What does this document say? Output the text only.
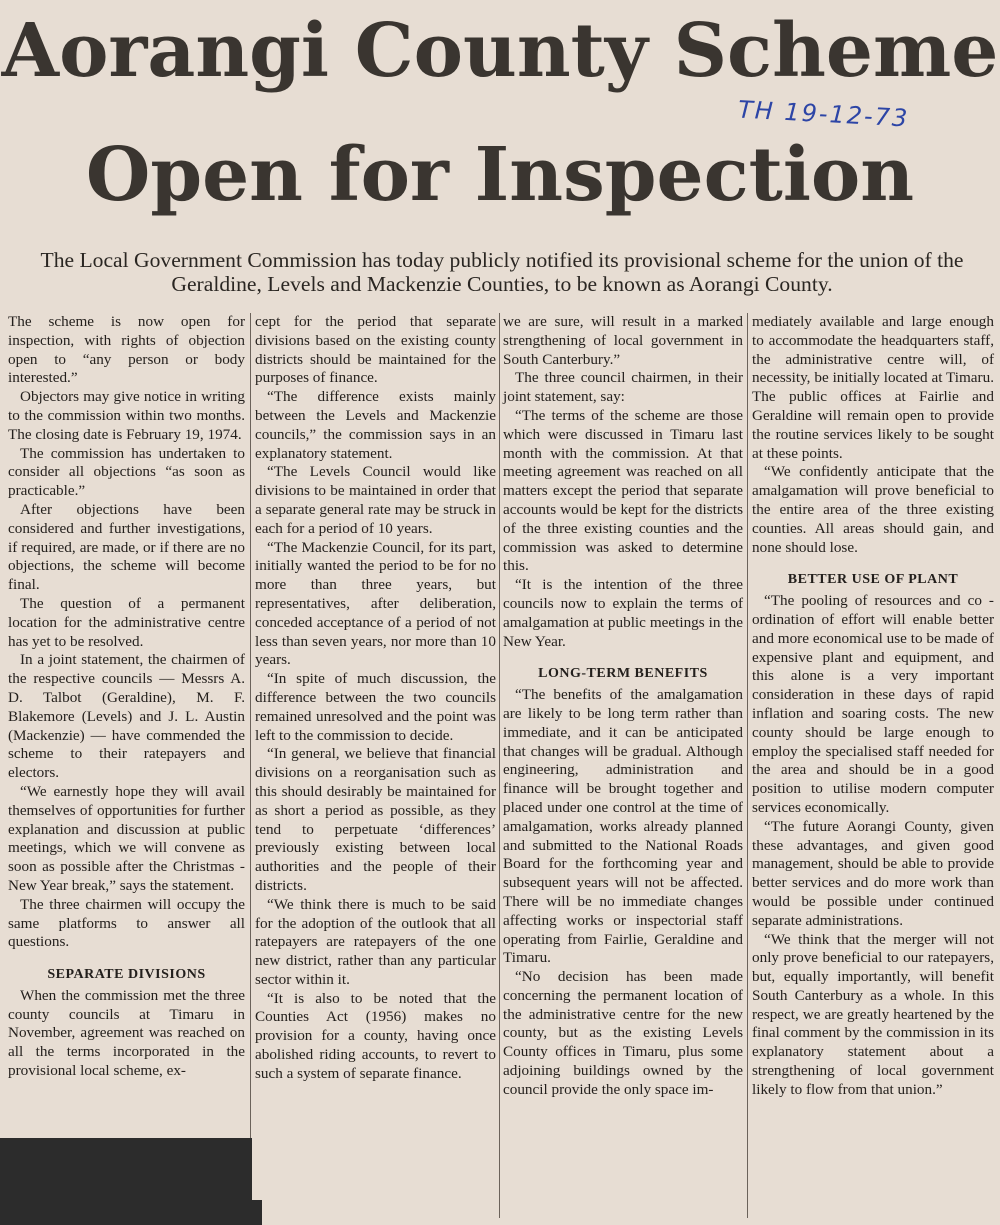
Aorangi County Scheme
Open for Inspection
TH 19-12-73

The Local Government Commission has today publicly notified its provisional scheme for the union of the Geraldine, Levels and Mackenzie Counties, to be known as Aorangi County.

The scheme is now open for inspection, with rights of objection open to “any person or body interested.”

Objectors may give notice in writing to the commission within two months. The closing date is February 19, 1974.

The commission has undertaken to consider all objections “as soon as practicable.”

After objections have been considered and further investigations, if required, are made, or if there are no objections, the scheme will become final.

The question of a permanent location for the administrative centre has yet to be resolved.

In a joint statement, the chairmen of the respective councils — Messrs A. D. Talbot (Geraldine), M. F. Blakemore (Levels) and J. L. Austin (Mackenzie) — have commended the scheme to their ratepayers and electors.

“We earnestly hope they will avail themselves of opportunities for further explanation and discussion at public meetings, which we will convene as soon as possible after the Christmas - New Year break,” says the statement.

The three chairmen will occupy the same platforms to answer all questions.

SEPARATE DIVISIONS

When the commission met the three county councils at Timaru in November, agreement was reached on all the terms incorporated in the provisional local scheme, ex-

cept for the period that separate divisions based on the existing county districts should be maintained for the purposes of finance.

“The difference exists mainly between the Levels and Mackenzie councils,” the commission says in an explanatory statement.

“The Levels Council would like divisions to be maintained in order that a separate general rate may be struck in each for a period of 10 years.

“The Mackenzie Council, for its part, initially wanted the period to be for no more than three years, but representatives, after deliberation, conceded acceptance of a period of not less than seven years, nor more than 10 years.

“In spite of much discussion, the difference between the two councils remained unresolved and the point was left to the commission to decide.

“In general, we believe that financial divisions on a reorganisation such as this should desirably be maintained for as short a period as possible, as they tend to perpetuate ‘differences’ previously existing between local authorities and the people of their districts.

“We think there is much to be said for the adoption of the outlook that all ratepayers are ratepayers of the one new district, rather than any particular sector within it.

“It is also to be noted that the Counties Act (1956) makes no provision for a county, having once abolished riding accounts, to revert to such a system of separate finance.

we are sure, will result in a marked strengthening of local government in South Canterbury.”

The three council chairmen, in their joint statement, say:

“The terms of the scheme are those which were discussed in Timaru last month with the commission. At that meeting agreement was reached on all matters except the period that separate accounts would be kept for the districts of the three existing counties and the commission was asked to determine this.

“It is the intention of the three councils now to explain the terms of amalgamation at public meetings in the New Year.

LONG-TERM BENEFITS

“The benefits of the amalgamation are likely to be long term rather than immediate, and it can be anticipated that changes will be gradual. Although engineering, administration and finance will be brought together and placed under one control at the time of amalgamation, works already planned and submitted to the National Roads Board for the forthcoming year and subsequent years will not be affected. There will be no immediate changes affecting works or inspectorial staff operating from Fairlie, Geraldine and Timaru.

“No decision has been made concerning the permanent location of the administrative centre for the new county, but as the existing Levels County offices in Timaru, plus some adjoining buildings owned by the council provide the only space im-

mediately available and large enough to accommodate the headquarters staff, the administrative centre will, of necessity, be initially located at Timaru. The public offices at Fairlie and Geraldine will remain open to provide the routine services likely to be sought at these points.

“We confidently anticipate that the amalgamation will prove beneficial to the entire area of the three existing counties. All areas should gain, and none should lose.

BETTER USE OF PLANT

“The pooling of resources and co - ordination of effort will enable better and more economical use to be made of expensive plant and equipment, and this alone is a very important consideration in these days of rapid inflation and soaring costs. The new county should be large enough to employ the specialised staff needed for the area and should be in a good position to utilise modern computer services economically.

“The future Aorangi County, given these advantages, and given good management, should be able to provide better services and do more work than would be possible under continued separate administrations.

“We think that the merger will not only prove beneficial to our ratepayers, but, equally importantly, will benefit South Canterbury as a whole. In this respect, we are greatly heartened by the final comment by the commission in its explanatory statement about a strengthening of local government likely to flow from that union.”
